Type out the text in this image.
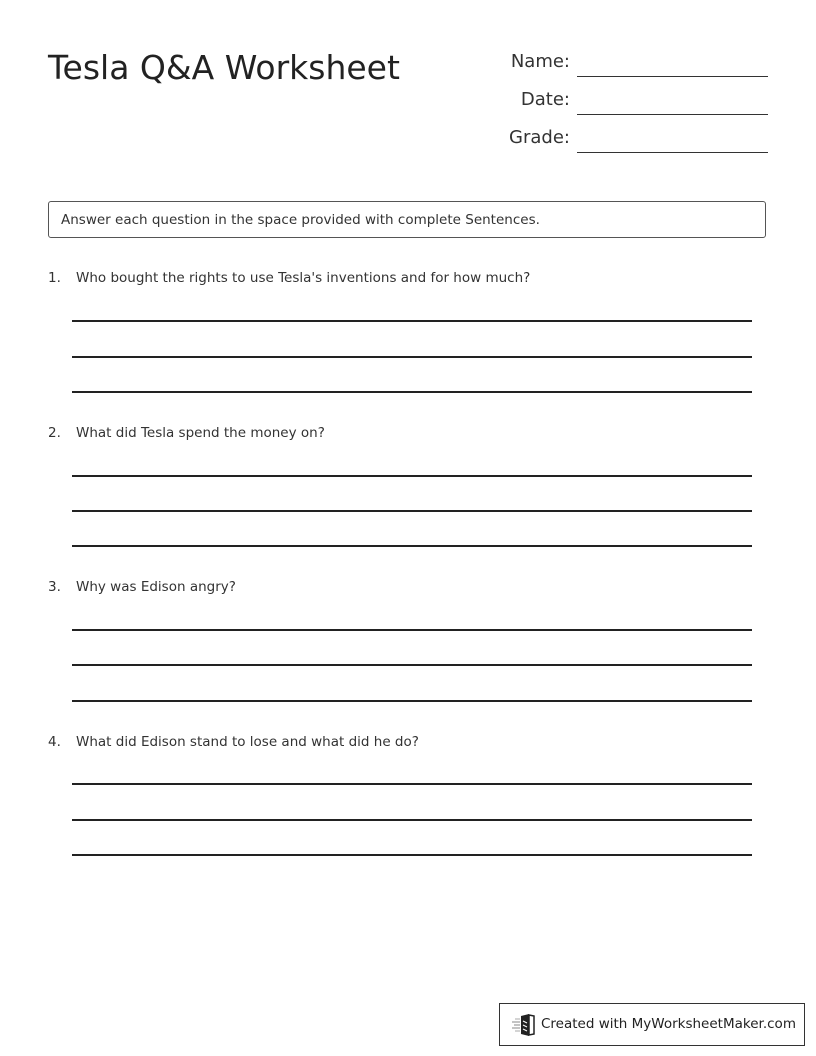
Tesla Q&A Worksheet	Name:
Date:
Grade:
Answer each question in the space provided with complete Sentences.
1. Who bought the rights to use Tesla's inventions and for how much?
2. What did Tesla spend the money on?
3. Why was Edison angry?
4. What did Edison stand to lose and what did he do?
Created with MyWorksheetMaker.com
